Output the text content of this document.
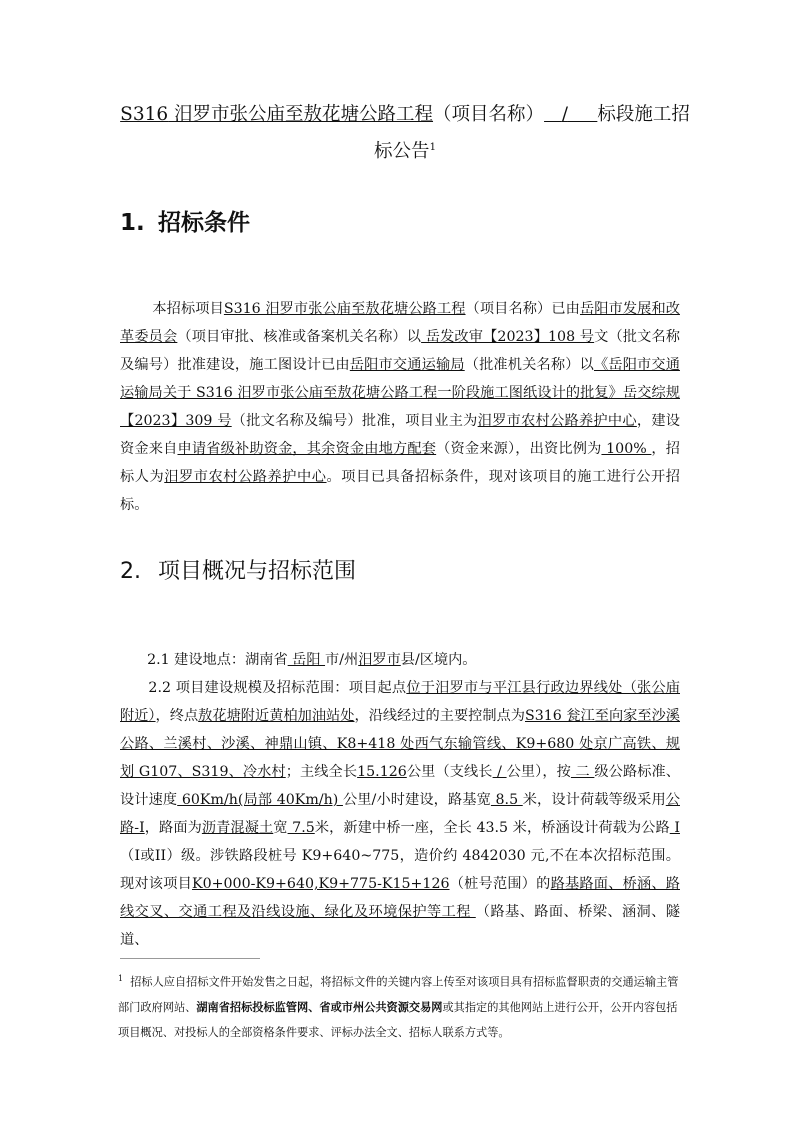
S316 汨罗市张公庙至敖花塘公路工程（项目名称） / 标段施工招
标公告$^1$
1. 招标条件

本招标项目S316 汨罗市张公庙至敖花塘公路工程（项目名称）已由岳阳市发展和改革委员会（项目审批、核准或备案机关名称）以 岳发改审【2023】108 号文（批文名称及编号）批准建设，施工图设计已由岳阳市交通运输局（批准机关名称）以《岳阳市交通运输局关于 S316 汨罗市张公庙至敖花塘公路工程一阶段施工图纸设计的批复》岳交综规【2023】309 号（批文名称及编号）批准，项目业主为汨罗市农村公路养护中心，建设资金来自申请省级补助资金，其余资金由地方配套（资金来源），出资比例为 100% ，招标人为汨罗市农村公路养护中心。项目已具备招标条件，现对该项目的施工进行公开招标。

2. 项目概况与招标范围

2.1 建设地点：湖南省 岳阳 市/州汨罗市县/区境内。

2.2 项目建设规模及招标范围：项目起点位于汨罗市与平江县行政边界线处（张公庙附近），终点敖花塘附近黄柏加油站处，沿线经过的主要控制点为S316 瓮江至向家至沙溪公路、兰溪村、沙溪、神鼎山镇、K8+418 处西气东输管线、K9+680 处京广高铁、规划 G107、S319、冷水村；主线全长15.126公里（支线长 / 公里），按 二 级公路标准、设计速度 60Km/h(局部 40Km/h) 公里/小时建设，路基宽 8.5 米，设计荷载等级采用公路-I，路面为沥青混凝土宽 7.5米，新建中桥一座，全长 43.5 米，桥涵设计荷载为公路 I （I或II）级。涉铁路段桩号 K9+640~775，造价约 4842030 元,不在本次招标范围。现对该项目K0+000-K9+640,K9+775-K15+126（桩号范围）的路基路面、桥涵、路线交叉、交通工程及沿线设施、绿化及环境保护等工程 （路基、路面、桥梁、涵洞、隧道、

$^1$ 招标人应自招标文件开始发售之日起，将招标文件的关键内容上传至对该项目具有招标监督职责的交通运输主管部门政府网站、湖南省招标投标监管网、省或市州公共资源交易网或其指定的其他网站上进行公开，公开内容包括项目概况、对投标人的全部资格条件要求、评标办法全文、招标人联系方式等。
